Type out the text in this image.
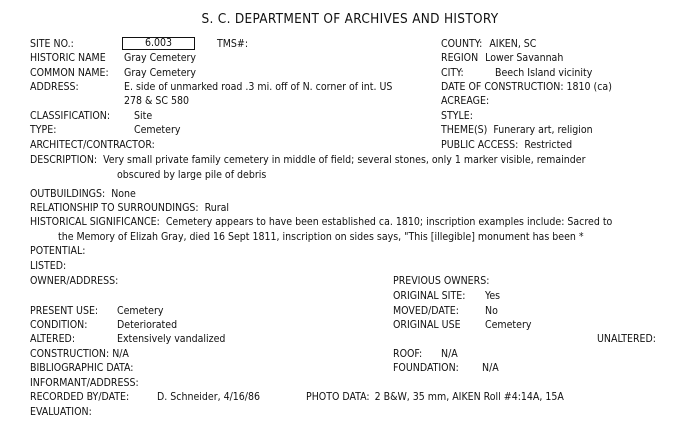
S. C. DEPARTMENT OF ARCHIVES AND HISTORY
SITE NO.:	6.003	TMS#:	COUNTY: AIKEN, SC
HISTORIC NAME Gray Cemetery	REGION Lower Savannah
COMMON NAME: Gray Cemetery	CITY:	Beech Island vicinity
ADDRESS:	E. side of unmarked road .3 mi. off of N. corner of int. US
278 & SC 580
DATE OF CONSTRUCTION: 1810 (ca)
ACREAGE:
CLASSIFICATION: Site	STYLE:
TYPE:	Cemetery	THEME(S) Funerary art, religion
ARCHITECT/CONTRACTOR:	PUBLIC ACCESS: Restricted
DESCRIPTION: Very small private family cemetery in middle of field; several stones, only 1 marker visible, remainder
obscured by large pile of debris
OUTBUILDINGS: None
RELATIONSHIP TO SURROUNDINGS: Rural
HISTORICAL SIGNIFICANCE: Cemetery appears to have been established ca. 1810; inscription examples include: Sacred to
the Memory of Elizah Gray, died 16 Sept 1811, inscription on sides says, "This [illegible] monument has been *
POTENTIAL:
LISTED:
OWNER/ADDRESS:	PREVIOUS OWNERS:
ORIGINAL SITE: Yes
PRESENT USE: Cemetery	MOVED/DATE: No
CONDITION:	Deteriorated	ORIGINAL USE Cemetery
ALTERED:	Extensively vandalized	UNALTERED:
CONSTRUCTION: N/A	ROOF: N/A
BIBLIOGRAPHIC DATA:	FOUNDATION: N/A
INFORMANT/ADDRESS:
RECORDED BY/DATE:	D. Schneider, 4/16/86	PHOTO DATA: 2 B&W, 35 mm, AIKEN Roll #4:14A, 15A
EVALUATION:
